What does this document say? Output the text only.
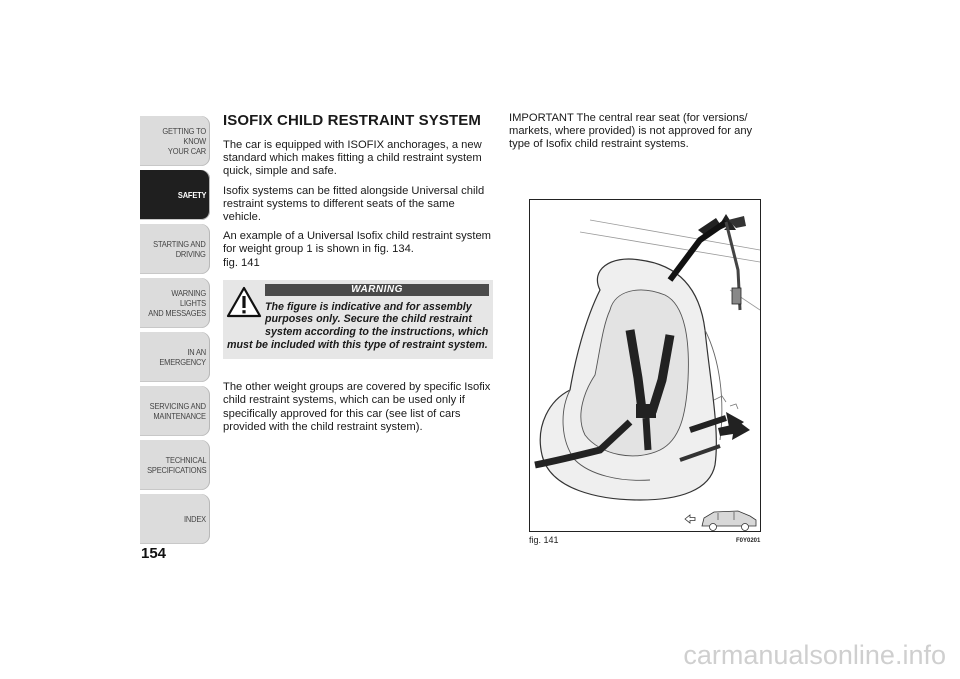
GETTING TO KNOW
YOUR CAR
SAFETY
STARTING AND
DRIVING
WARNING LIGHTS
AND MESSAGES
IN AN EMERGENCY
SERVICING AND
MAINTENANCE
TECHNICAL
SPECIFICATIONS
INDEX
154
ISOFIX CHILD RESTRAINT SYSTEM

The car is equipped with ISOFIX anchorages, a new standard which makes fitting a child restraint system quick, simple and safe.

Isofix systems can be fitted alongside Universal child restraint systems to different seats of the same vehicle.

An example of a Universal Isofix child restraint system for weight group 1 is shown in fig. 134.
fig. 141

WARNING
The figure is indicative and for assembly purposes only. Secure the child restraint system according to the instructions, which must be included with this type of restraint system.

The other weight groups are covered by specific Isofix child restraint systems, which can be used only if specifically approved for this car (see list of cars provided with the child restraint system).

IMPORTANT The central rear seat (for versions/ markets, where provided) is not approved for any type of Isofix child restraint systems.

fig. 141	F0Y0201
carmanualsonline.info
